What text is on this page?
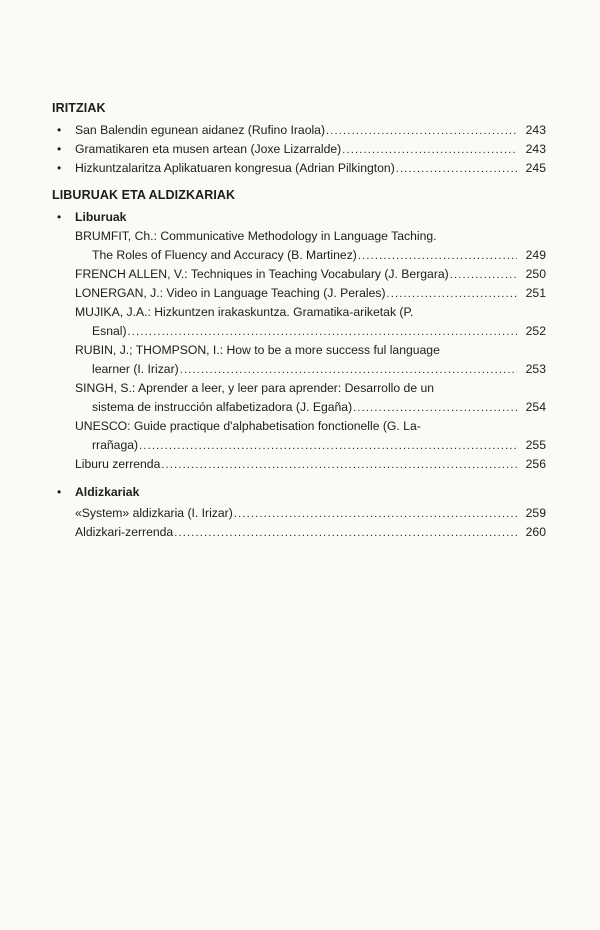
IRITZIAK
• San Balendin egunean aidanez (Rufino Iraola) .....	243
• Gramatikaren eta musen artean (Joxe Lizarralde) .....	243
• Hizkuntzalaritza Aplikatuaren kongresua (Adrian Pilkington) .....	245
LIBURUAK ETA ALDIZKARIAK
• Liburuak
BRUMFIT, Ch.: Communicative Methodology in Language Taching.
The Roles of Fluency and Accuracy (B. Martinez) .....	249
FRENCH ALLEN, V.: Techniques in Teaching Vocabulary (J. Bergara) .....	250
LONERGAN, J.: Video in Language Teaching (J. Perales) .....	251
MUJIKA, J.A.: Hizkuntzen irakaskuntza. Gramatika-ariketak (P.
Esnal) .....	252
RUBIN, J.; THOMPSON, I.: How to be a more success ful language
learner (I. Irizar) .....	253
SINGH, S.: Aprender a leer, y leer para aprender: Desarrollo de un
sistema de instrucción alfabetizadora (J. Egaña) .....	254
UNESCO: Guide practique d'alphabetisation fonctionelle (G. La-
rrañaga) .....	255
Liburu zerrenda .....	256
• Aldizkariak
«System» aldizkaria (I. Irizar) .....	259
Aldizkari-zerrenda .....	260
